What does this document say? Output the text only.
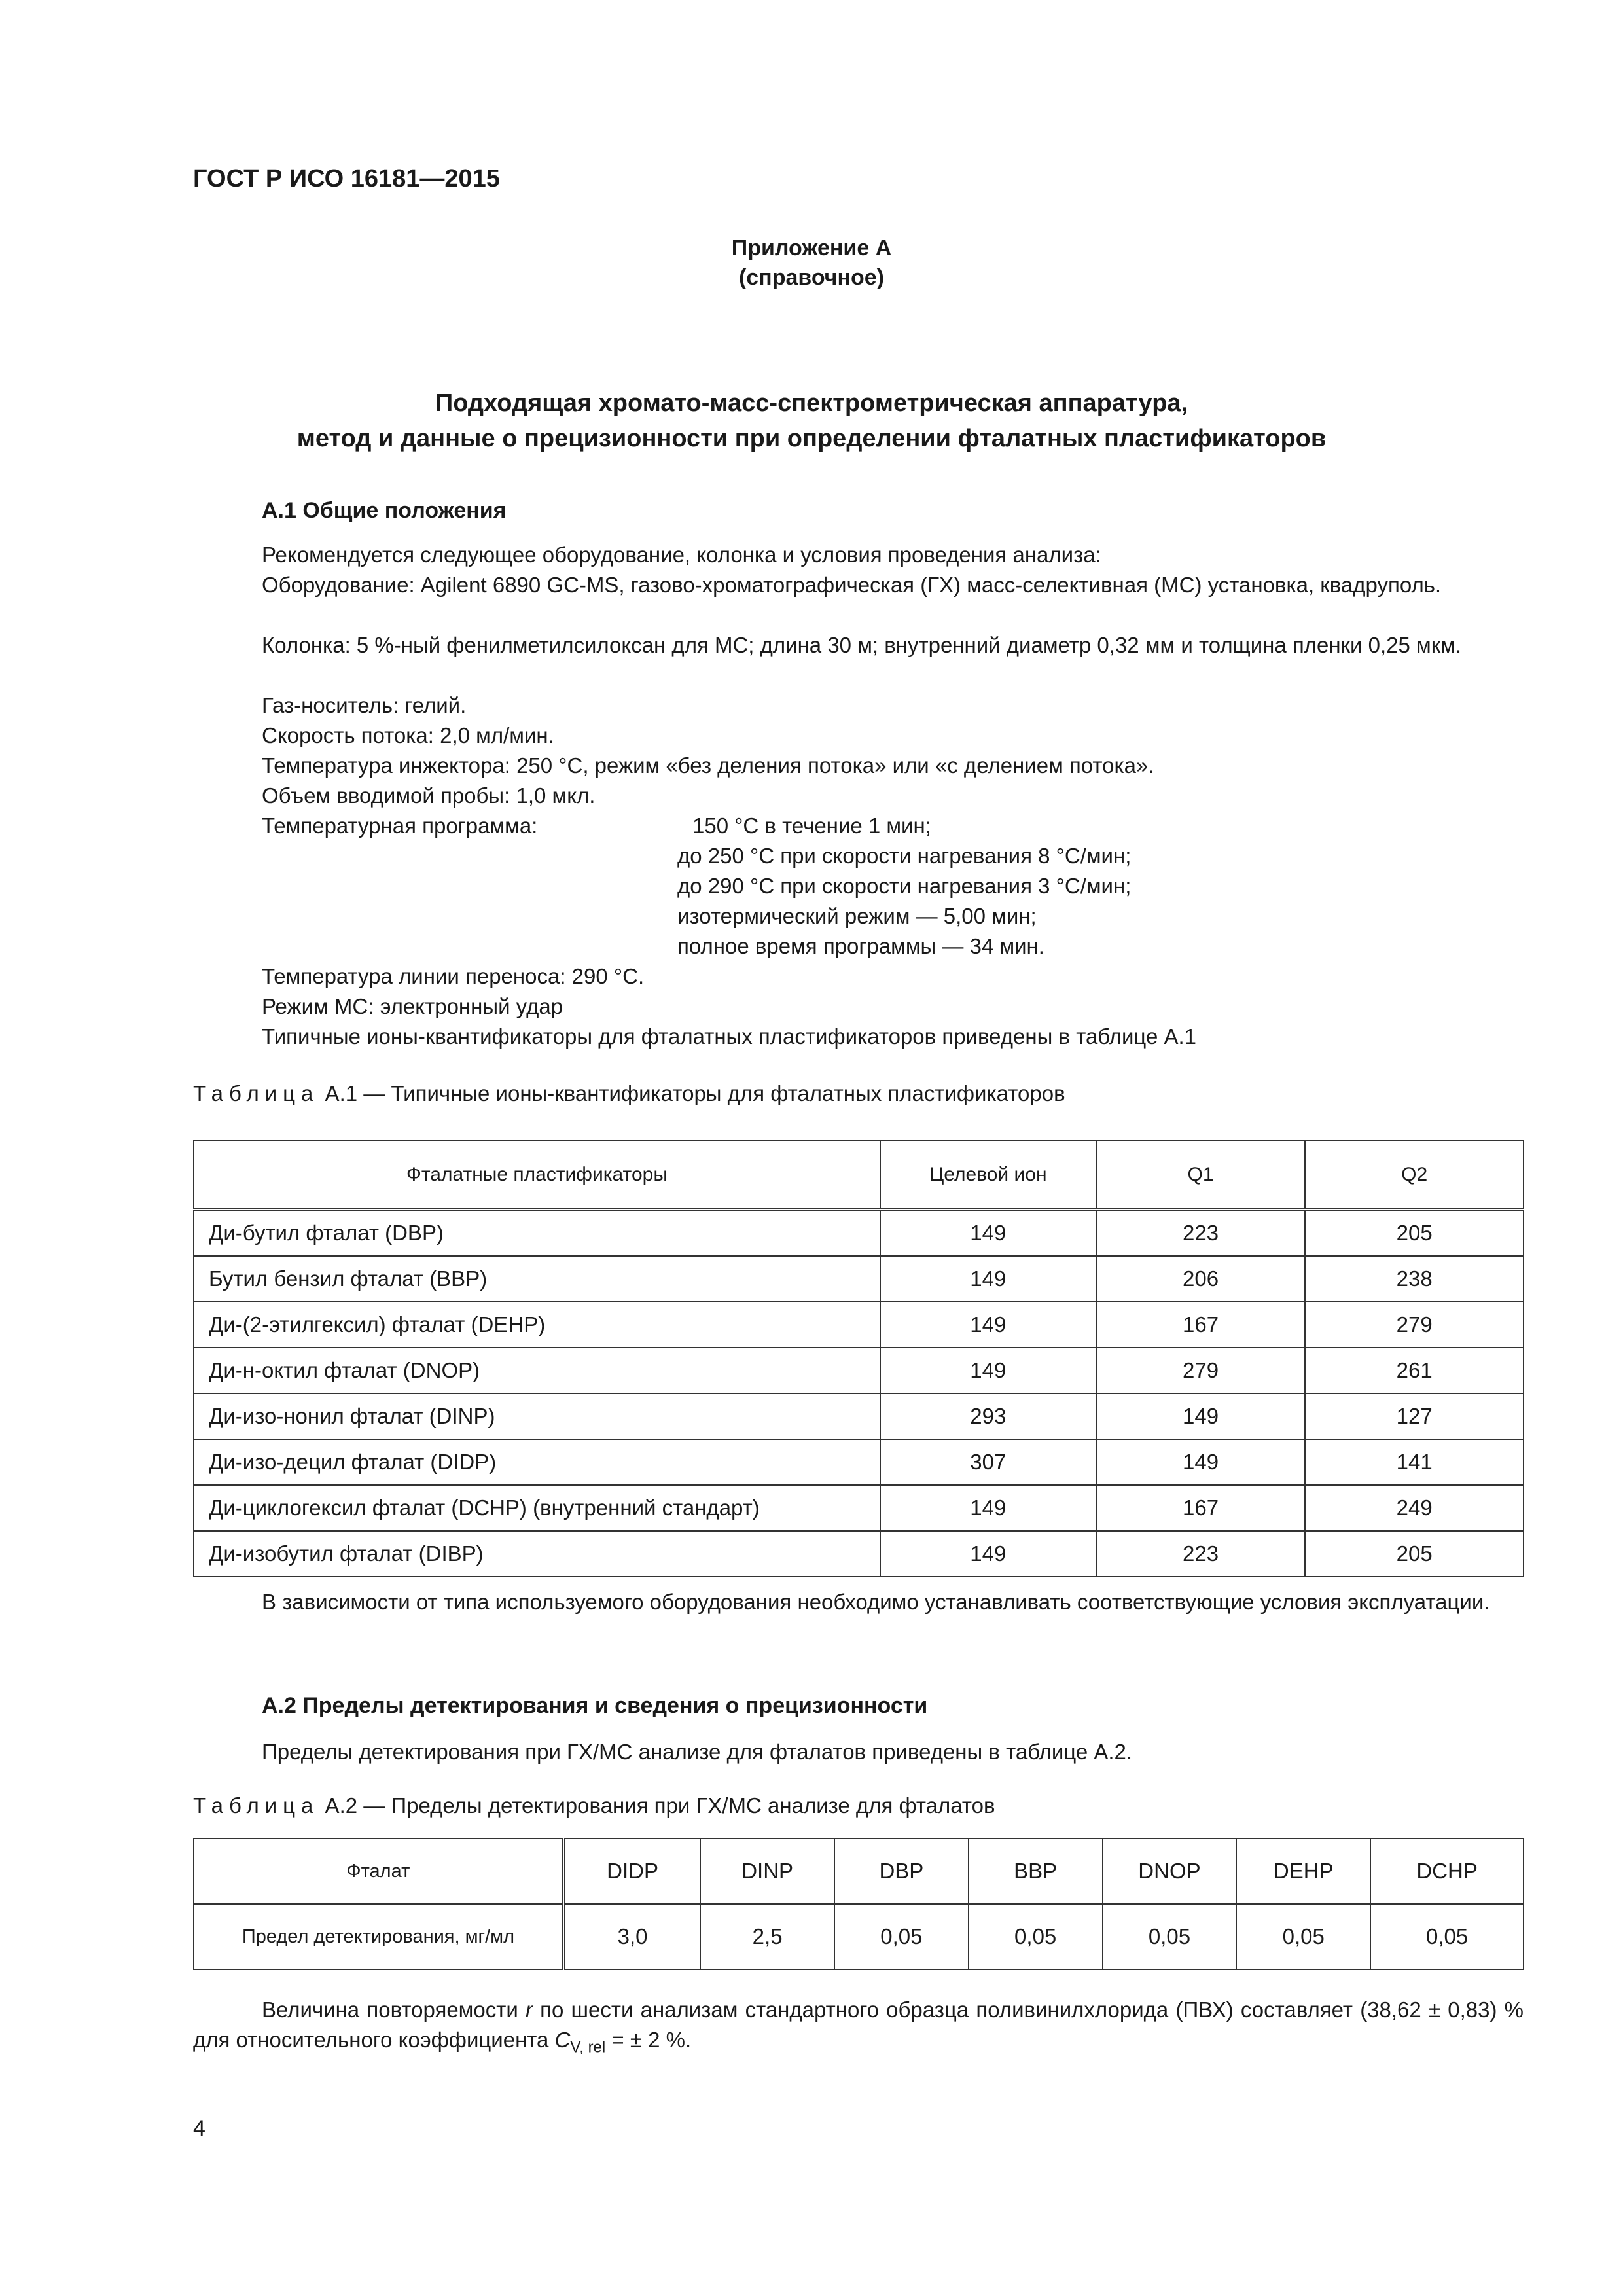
ГОСТ Р ИСО 16181—2015
Приложение А
(справочное)
Подходящая хромато-масс-спектрометрическая аппаратура,
метод и данные о прецизионности при определении фталатных пластификаторов
А.1 Общие положения
Рекомендуется следующее оборудование, колонка и условия проведения анализа:
Оборудование: Agilent 6890 GC-MS, газово-хроматографическая (ГХ) масс-селективная (МС) установка, квадруполь.
Колонка: 5 %-ный фенилметилсилоксан для МС; длина 30 м; внутренний диаметр 0,32 мм и толщина пленки 0,25 мкм.
Газ-носитель: гелий.
Скорость потока: 2,0 мл/мин.
Температура инжектора: 250 °С, режим «без деления потока» или «с делением потока».
Объем вводимой пробы: 1,0 мкл.
Температурная программа:	150 °С в течение 1 мин;
до 250 °С при скорости нагревания 8 °С/мин;
до 290 °С при скорости нагревания 3 °С/мин;
изотермический режим — 5,00 мин;
полное время программы — 34 мин.
Температура линии переноса: 290 °С.
Режим МС: электронный удар
Типичные ионы-квантификаторы для фталатных пластификаторов приведены в таблице А.1
Таблица А.1 — Типичные ионы-квантификаторы для фталатных пластификаторов
Фталатные пластификаторы	Целевой ион	Q1	Q2
Ди-бутил фталат (DBP)	149	223	205
Бутил бензил фталат (BBP)	149	206	238
Ди-(2-этилгексил) фталат (DEHP)	149	167	279
Ди-н-октил фталат (DNOP)	149	279	261
Ди-изо-нонил фталат (DINP)	293	149	127
Ди-изо-децил фталат (DIDP)	307	149	141
Ди-циклогексил фталат (DCHP) (внутренний стандарт)	149	167	249
Ди-изобутил фталат (DIBP)	149	223	205
В зависимости от типа используемого оборудования необходимо устанавливать соответствующие условия эксплуатации.
А.2 Пределы детектирования и сведения о прецизионности
Пределы детектирования при ГХ/МС анализе для фталатов приведены в таблице А.2.
Таблица А.2 — Пределы детектирования при ГХ/МС анализе для фталатов
Фталат	DIDP	DINP	DBP	BBP	DNOP	DEHP	DCHP
Предел детектирования, мг/мл	3,0	2,5	0,05	0,05	0,05	0,05	0,05
Величина повторяемости r по шести анализам стандартного образца поливинилхлорида (ПВХ) составляет (38,62 ± 0,83) % для относительного коэффициента $C_{V, rel}$ = ± 2 %.
4
